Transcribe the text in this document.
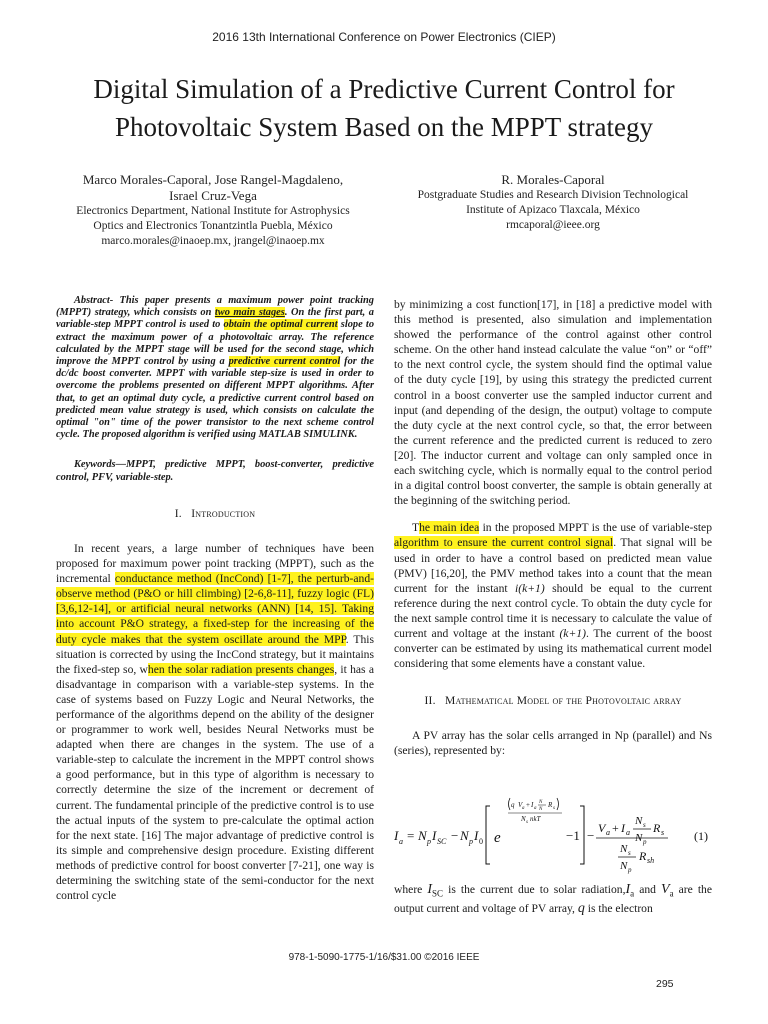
2016 13th International Conference on Power Electronics (CIEP)
Digital Simulation of a Predictive Current Control for
Photovoltaic System Based on the MPPT strategy
Marco Morales-Caporal, Jose Rangel-Magdaleno,
Israel Cruz-Vega
Electronics Department, National Institute for Astrophysics
Optics and Electronics Tonantzintla Puebla, México
marco.morales@inaoep.mx, jrangel@inaoep.mx
R. Morales-Caporal
Postgraduate Studies and Research Division Technological
Institute of Apizaco Tlaxcala, México
rmcaporal@ieee.org

Abstract- This paper presents a maximum power point tracking (MPPT) strategy, which consists on two main stages. On the first part, a variable-step MPPT control is used to obtain the optimal current slope to extract the maximum power of a photovoltaic array. The reference calculated by the MPPT stage will be used for the second stage, which improve the MPPT control by using a predictive current control for the dc/dc boost converter. MPPT with variable step-size is used in order to overcome the problems presented on different MPPT algorithms. After that, to get an optimal duty cycle, a predictive current control based on predicted mean value strategy is used, which consists on calculate the optimal "on" time of the power transistor to the next scheme control cycle. The proposed algorithm is verified using MATLAB SIMULINK.

Keywords—MPPT, predictive MPPT, boost-converter, predictive control, PFV, variable-step.

I. Introduction

In recent years, a large number of techniques have been proposed for maximum power point tracking (MPPT), such as the incremental conductance method (IncCond) [1-7], the perturb-and-observe method (P&O or hill climbing) [2-6,8-11], fuzzy logic (FL) [3,6,12-14], or artificial neural networks (ANN) [14, 15]. Taking into account P&O strategy, a fixed-step for the increasing of the duty cycle makes that the system oscillate around the MPP. This situation is corrected by using the IncCond strategy, but it maintains the fixed-step so, when the solar radiation presents changes, it has a disadvantage in comparison with a variable-step systems. In the case of systems based on Fuzzy Logic and Neural Networks, the performance of the algorithms depend on the ability of the designer or programmer to work well, besides Neural Networks must be adapted when there are changes in the system. The use of a variable-step to calculate the increment in the MPPT control shows a good performance, but in this type of algorithm is necessary to correctly determine the size of the increment or decrement of current. The fundamental principle of the predictive control is to use the actual inputs of the system to pre-calculate the optimal action for the next state. [16] The major advantage of predictive control is its simple and comprehensive design procedure. Existing different methods of predictive control for boost converter [7-21], one way is determining the switching state of the semi-conductor for the next control cycle

by minimizing a cost function[17], in [18] a predictive model with this method is presented, also simulation and implementation showed the performance of the control against other control scheme. On the other hand instead calculate the value “on” or “off” to the next control cycle, the system should find the optimal value of the duty cycle [19], by using this strategy the predicted current control in a boost converter use the sampled inductor current and input (and depending of the design, the output) voltage to compute the duty cycle at the next control cycle, so that, the error between the current reference and the predicted current is reduced to zero [20]. The inductor current and voltage can only sampled once in each switching cycle, which is normally equal to the control period in a digital control boost converter, the sample is obtain generally at the beginning of the switching period.

The main idea in the proposed MPPT is the use of variable-step algorithm to ensure the current control signal. That signal will be used in order to have a control based on predicted mean value (PMV) [16,20], the PMV method takes into a count that the mean current for the instant i(k+1) should be equal to the current reference during the next control cycle. To obtain the duty cycle for the next sample control time it is necessary to calculate the value of current and voltage at the instant (k+1). The current of the boost converter can be estimated by using its mathematical current model considering that some elements have a constant value.

II. Mathematical Model of the Photovoltaic array

A PV array has the solar cells arranged in Np (parallel) and Ns (series), represented by:

I a = N p I SC − N p I 0 e
q V a + I a
N
N
R s
N s nkT
−1 − V a + I a
N s
N p
R s
N s
N p
R sh
(1)

where $I_{SC}$ is the current due to solar $radiation,I_a$ and $V_a$ are the output current and voltage of PV array, q is the electron

978-1-5090-1775-1/16/$31.00 ©2016 IEEE
295
